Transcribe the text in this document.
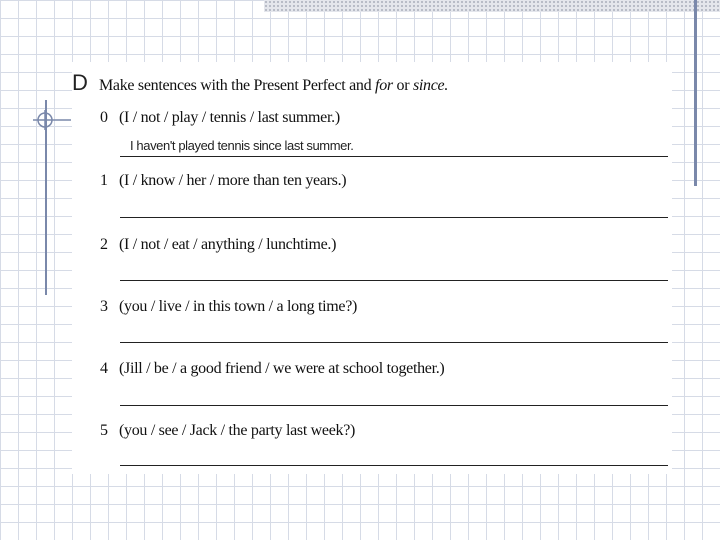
D Make sentences with the Present Perfect and for or since.
0 (I / not / play / tennis / last summer.)
I haven't played tennis since last summer.
1 (I / know / her / more than ten years.)
2 (I / not / eat / anything / lunchtime.)
3 (you / live / in this town / a long time?)
4 (Jill / be / a good friend / we were at school together.)
5 (you / see / Jack / the party last week?)
